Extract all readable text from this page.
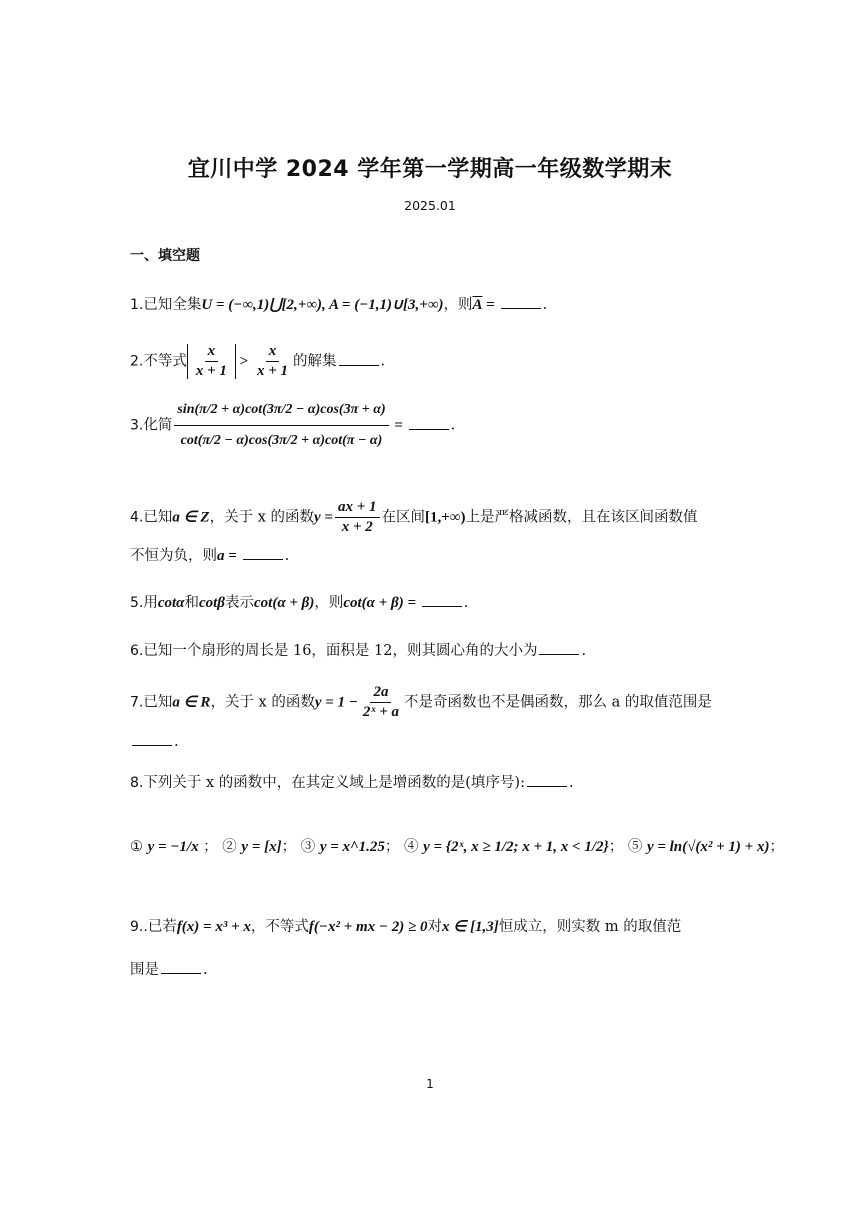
宜川中学 2024 学年第一学期高一年级数学期末
2025.01
一、填空题
1.已知全集U = (−∞,1)⋃[2,+∞), A = (−1,1)∪[3,+∞)，则$\overline{A}$ =	.
2.不等式 $\frac{x}{x + 1} > \frac{x}{x + 1}$ 的解集	.
3.化简 $\frac{\sin(\pi/2 + \alpha)\cot(3\pi/2 - \alpha)\cos(3\pi + \alpha)}{\cot(\pi/2 - \alpha)\cos(3\pi/2 + \alpha)\cot(\pi - \alpha)}$ =	.
4.已知a ∈ Z，关于 x 的函数$y = \frac{ax + 1}{x + 2}$ 在区间[1,+∞)上是严格减函数，且在该区间函数值
不恒为负，则a =	.
5.用cotα和cotβ表示cot(α + β)，则cot(α + β) =	.
6.已知一个扇形的周长是 16，面积是 12，则其圆心角的大小为	.
7.已知a ∈ R，关于 x 的函数$y = 1 - \frac{2a}{\text{2ˣ + a}}$ 不是奇函数也不是偶函数，那么 a 的取值范围是
.
8.下列关于 x 的函数中，在其定义域上是增函数的是(填序号):	.
① y = −1/x ； ② y = [x]； ③ y = x^1.25； ④ y = {2ˣ, x ≥ 1/2; x + 1, x < 1/2}； ⑤ y = ln(√(x² + 1) + x)；
9..已若f(x) = x³ + x，不等式f(−x² + mx − 2) ≥ 0对x ∈ [1,3]恒成立，则实数 m 的取值范
围是	.
1
